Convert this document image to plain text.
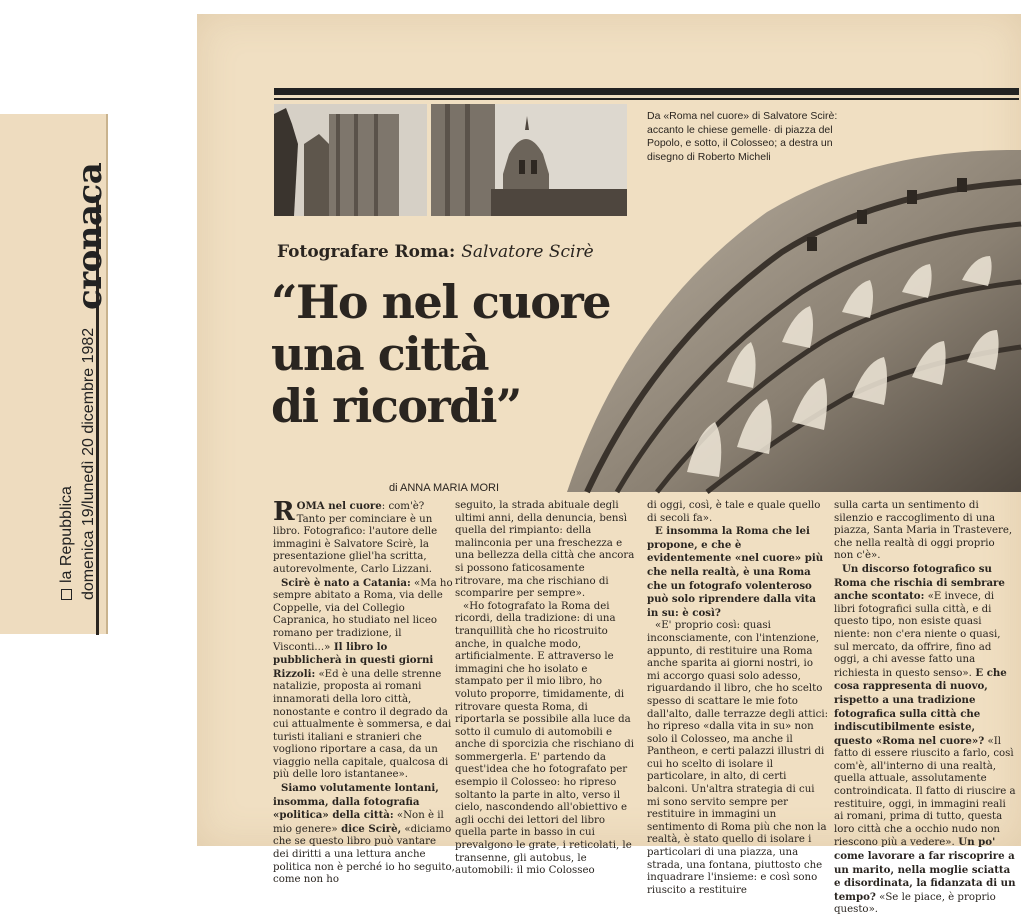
cronaca
la Repubblica domenica 19/lunedì 20 dicembre 1982
Da «Roma nel cuore» di Salvatore Scirè: accanto le chiese gemelle· di piazza del Popolo, e sotto, il Colosseo; a destra un disegno di Roberto Micheli
Fotografare Roma: Salvatore Scirè
“Ho nel cuore
una città
di ricordi”
di ANNA MARIA MORI

ROMA nel cuore: com'è? Tanto per cominciare è un libro. Fotografico: l'autore delle immagini è Salvatore Scirè, la presentazione gliel'ha scritta, autorevolmente, Carlo Lizzani.

Scirè è nato a Catania: «Ma ho sempre abitato a Roma, via delle Coppelle, via del Collegio Capranica, ho studiato nel liceo romano per tradizione, il Visconti...» Il libro lo pubblicherà in questi giorni Rizzoli: «Ed è una delle strenne natalizie, proposta ai romani innamorati della loro città, nonostante e contro il degrado da cui attualmente è sommersa, e dai turisti italiani e stranieri che vogliono riportare a casa, da un viaggio nella capitale, qualcosa di più delle loro istantanee».

Siamo volutamente lontani, insomma, dalla fotografia «politica» della città: «Non è il mio genere» dice Scirè, «diciamo che se questo libro può vantare dei diritti a una lettura anche politica non è perché io ho seguito, come non ho

seguito, la strada abituale degli ultimi anni, della denuncia, bensì quella del rimpianto: della malinconia per una freschezza e una bellezza della città che ancora si possono faticosamente ritrovare, ma che rischiano di scomparire per sempre».

«Ho fotografato la Roma dei ricordi, della tradizione: di una tranquillità che ho ricostruito anche, in qualche modo, artificialmente. E attraverso le immagini che ho isolato e stampato per il mio libro, ho voluto proporre, timidamente, di ritrovare questa Roma, di riportarla se possibile alla luce da sotto il cumulo di automobili e anche di sporcizia che rischiano di sommergerla. E' partendo da quest'idea che ho fotografato per esempio il Colosseo: ho ripreso soltanto la parte in alto, verso il cielo, nascondendo all'obiettivo e agli occhi dei lettori del libro quella parte in basso in cui prevalgono le grate, i reticolati, le transenne, gli autobus, le automobili: il mio Colosseo

di oggi, così, è tale e quale quello di secoli fa».

E insomma la Roma che lei propone, e che è evidentemente «nel cuore» più che nella realtà, è una Roma che un fotografo volenteroso può solo riprendere dalla vita in su: è così?

«E' proprio così: quasi inconsciamente, con l'intenzione, appunto, di restituire una Roma anche sparita ai giorni nostri, io mi accorgo quasi solo adesso, riguardando il libro, che ho scelto spesso di scattare le mie foto dall'alto, dalle terrazze degli attici: ho ripreso «dalla vita in su» non solo il Colosseo, ma anche il Pantheon, e certi palazzi illustri di cui ho scelto di isolare il particolare, in alto, di certi balconi. Un'altra strategia di cui mi sono servito sempre per restituire in immagini un sentimento di Roma più che non la realtà, è stato quello di isolare i particolari di una piazza, una strada, una fontana, piuttosto che inquadrare l'insieme: e così sono riuscito a restituire

sulla carta un sentimento di silenzio e raccoglimento di una piazza, Santa Maria in Trastevere, che nella realtà di oggi proprio non c'è».

Un discorso fotografico su Roma che rischia di sembrare anche scontato: «E invece, di libri fotografici sulla città, e di questo tipo, non esiste quasi niente: non c'era niente o quasi, sul mercato, da offrire, fino ad oggi, a chi avesse fatto una richiesta in questo senso». E che cosa rappresenta di nuovo, rispetto a una tradizione fotografica sulla città che indiscutibilmente esiste, questo «Roma nel cuore»? «Il fatto di essere riuscito a farlo, così com'è, all'interno di una realtà, quella attuale, assolutamente controindicata. Il fatto di riuscire a restituire, oggi, in immagini reali ai romani, prima di tutto, questa loro città che a occhio nudo non riescono più a vedere». Un po' come lavorare a far riscoprire a un marito, nella moglie sciatta e disordinata, la fidanzata di un tempo? «Se le piace, è proprio questo».
